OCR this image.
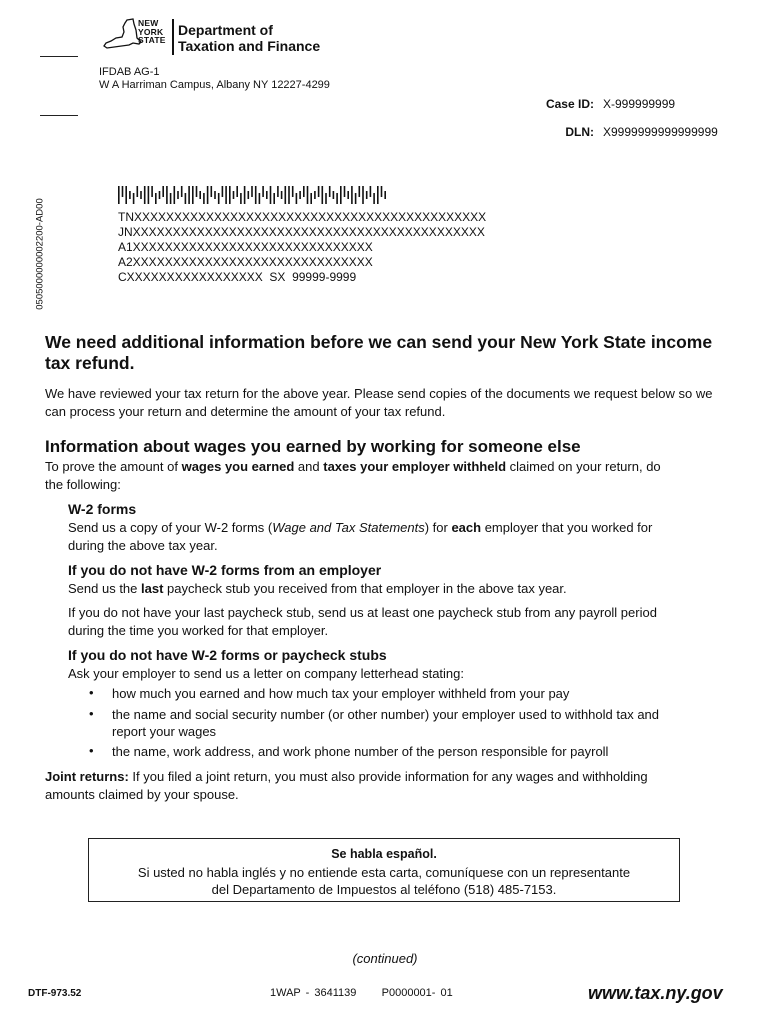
NEW
YORK
STATE
Department of
Taxation and Finance
IFDAB AG-1
W A Harriman Campus, Albany NY 12227-4299
Case ID: X-999999999
DLN: X9999999999999999
0505000000002200-AD00	TNXXXXXXXXXXXXXXXXXXXXXXXXXXXXXXXXXXXXXXXXXXXX
JNXXXXXXXXXXXXXXXXXXXXXXXXXXXXXXXXXXXXXXXXXXXX
A1XXXXXXXXXXXXXXXXXXXXXXXXXXXXXX
A2XXXXXXXXXXXXXXXXXXXXXXXXXXXXXX
CXXXXXXXXXXXXXXXXX  SX  99999-9999
We need additional information before we can send your New York State income tax refund.
We have reviewed your tax return for the above year. Please send copies of the documents we request below so we can process your return and determine the amount of your tax refund.
Information about wages you earned by working for someone else
To prove the amount of wages you earned and taxes your employer withheld claimed on your return, do
the following:
W-2 forms
Send us a copy of your W-2 forms (Wage and Tax Statements) for each employer that you worked for
during the above tax year.
If you do not have W-2 forms from an employer
Send us the last paycheck stub you received from that employer in the above tax year.
If you do not have your last paycheck stub, send us at least one paycheck stub from any payroll period
during the time you worked for that employer.
If you do not have W-2 forms or paycheck stubs
Ask your employer to send us a letter on company letterhead stating:
• how much you earned and how much tax your employer withheld from your pay
• the name and social security number (or other number) your employer used to withhold tax and
report your wages
• the name, work address, and work phone number of the person responsible for payroll
Joint returns: If you filed a joint return, you must also provide information for any wages and withholding
amounts claimed by your spouse.
Se habla español.
Si usted no habla inglés y no entiende esta carta, comuníquese con un representante
del Departamento de Impuestos al teléfono (518) 485-7153.
(continued)
DTF-973.52	1WAP - 3641139     P0000001- 01	www.tax.ny.gov
